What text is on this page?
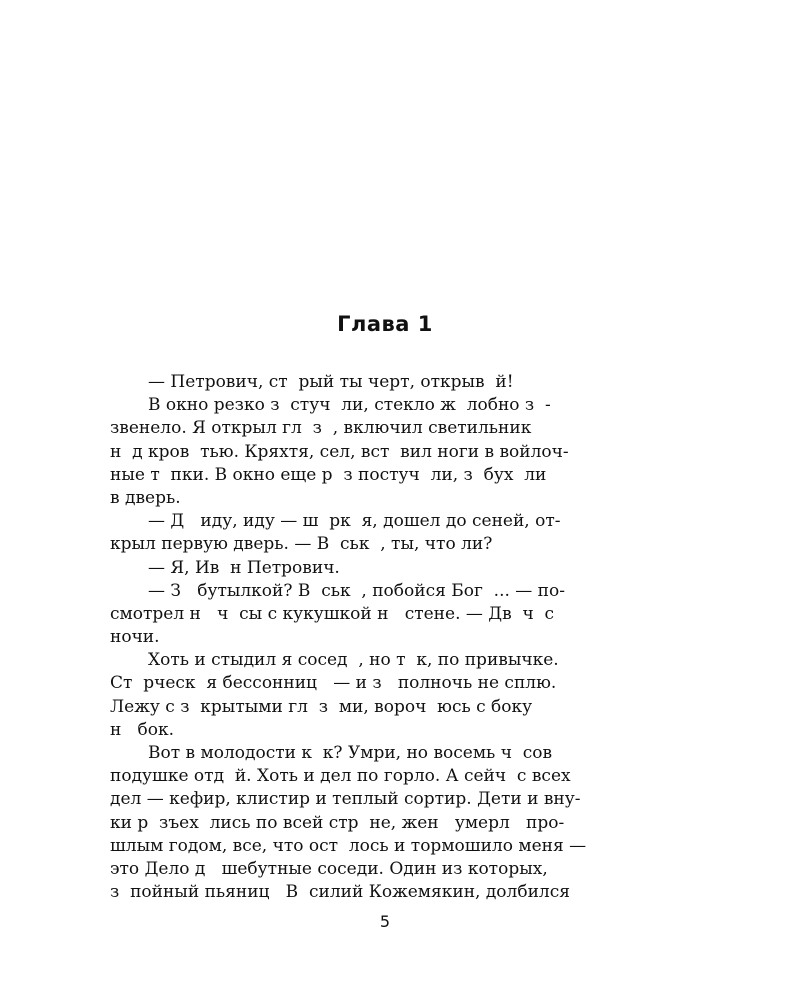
Глава 1
— Петрович, ст  рый ты черт, открыв  й!
В окно резко з  стуч  ли, стекло ж  лобно з  -
звенело. Я открыл гл  з  , включил светильник
н  д кров  тью. Кряхтя, сел, вст  вил ноги в войлоч-
ные т  пки. В окно еще р  з постуч  ли, з  бух  ли
в дверь.
— Д   иду, иду — ш  рк  я, дошел до сеней, от-
крыл первую дверь. — В  ськ  , ты, что ли?
— Я, Ив  н Петрович.
— З   бутылкой? В  ськ  , побойся Бог  ... — по-
смотрел н   ч  сы с кукушкой н   стене. — Дв  ч  с
ночи.
Хоть и стыдил я сосед  , но т  к, по привычке.
Ст  рческ  я бессонниц   — и з   полночь не сплю.
Лежу с з  крытыми гл  з  ми, вороч  юсь с боку
н   бок.
Вот в молодости к  к? Умри, но восемь ч  сов
подушке отд  й. Хоть и дел по горло. А сейч  с всех
дел — кефир, клистир и теплый сортир. Дети и вну-
ки р  зъех  лись по всей стр  не, жен   умерл   про-
шлым годом, все, что ост  лось и тормошило меня —
это Дело д   шебутные соседи. Один из которых,
з  пойный пьяниц   В  силий Кожемякин, долбился
5
